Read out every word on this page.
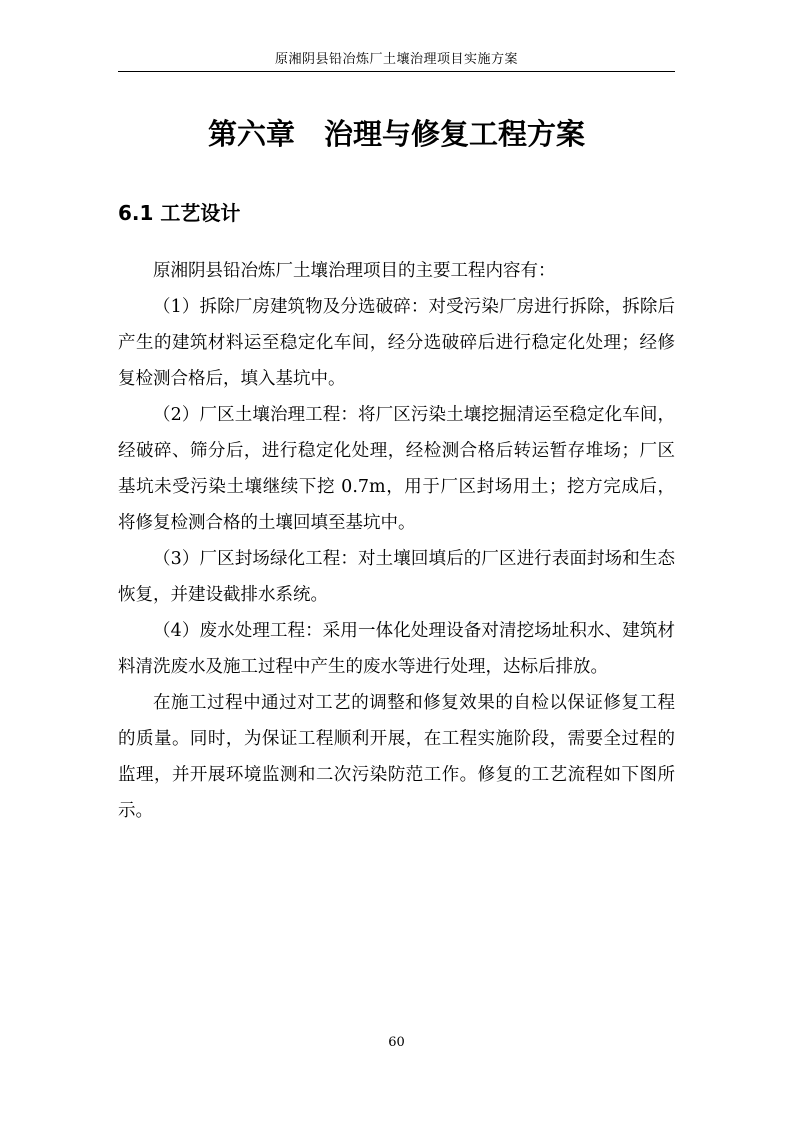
原湘阴县铅冶炼厂土壤治理项目实施方案
第六章　治理与修复工程方案
6.1 工艺设计

原湘阴县铅冶炼厂土壤治理项目的主要工程内容有：

（1）拆除厂房建筑物及分选破碎：对受污染厂房进行拆除，拆除后产生的建筑材料运至稳定化车间，经分选破碎后进行稳定化处理；经修复检测合格后，填入基坑中。

（2）厂区土壤治理工程：将厂区污染土壤挖掘清运至稳定化车间，经破碎、筛分后，进行稳定化处理，经检测合格后转运暂存堆场；厂区基坑未受污染土壤继续下挖 0.7m，用于厂区封场用土；挖方完成后，将修复检测合格的土壤回填至基坑中。

（3）厂区封场绿化工程：对土壤回填后的厂区进行表面封场和生态恢复，并建设截排水系统。

（4）废水处理工程：采用一体化处理设备对清挖场址积水、建筑材料清洗废水及施工过程中产生的废水等进行处理，达标后排放。

在施工过程中通过对工艺的调整和修复效果的自检以保证修复工程的质量。同时，为保证工程顺利开展，在工程实施阶段，需要全过程的监理，并开展环境监测和二次污染防范工作。修复的工艺流程如下图所示。

60
